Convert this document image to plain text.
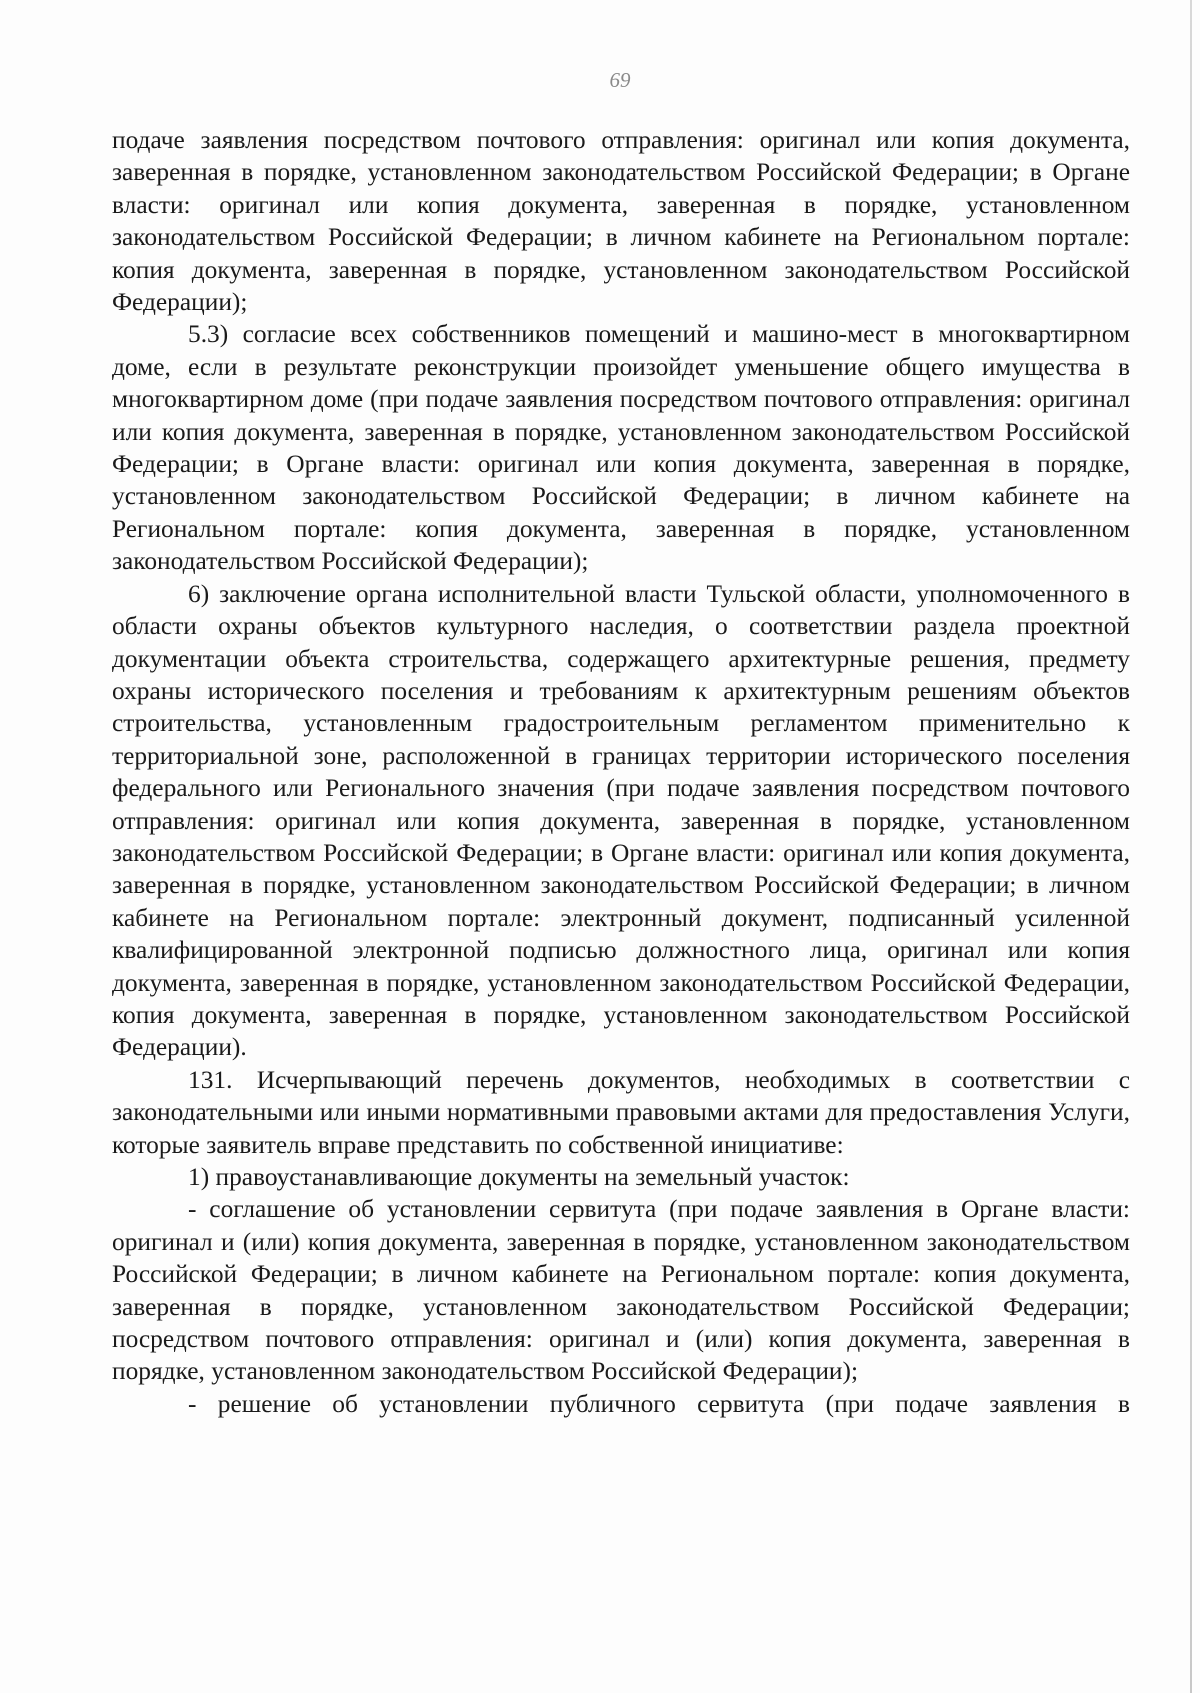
69

подаче заявления посредством почтового отправления: оригинал или копия документа, заверенная в порядке, установленном законодательством Российской Федерации; в Органе власти: оригинал или копия документа, заверенная в порядке, установленном законодательством Российской Федерации; в личном кабинете на Региональном портале: копия документа, заверенная в порядке, установленном законодательством Российской Федерации);

5.3) согласие всех собственников помещений и машино-мест в многоквартирном доме, если в результате реконструкции произойдет уменьшение общего имущества в многоквартирном доме (при подаче заявления посредством почтового отправления: оригинал или копия документа, заверенная в порядке, установленном законодательством Российской Федерации; в Органе власти: оригинал или копия документа, заверенная в порядке, установленном законодательством Российской Федерации; в личном кабинете на Региональном портале: копия документа, заверенная в порядке, установленном законодательством Российской Федерации);

6) заключение органа исполнительной власти Тульской области, уполномоченного в области охраны объектов культурного наследия, о соответствии раздела проектной документации объекта строительства, содержащего архитектурные решения, предмету охраны исторического поселения и требованиям к архитектурным решениям объектов строительства, установленным градостроительным регламентом применительно к территориальной зоне, расположенной в границах территории исторического поселения федерального или Регионального значения (при подаче заявления посредством почтового отправления: оригинал или копия документа, заверенная в порядке, установленном законодательством Российской Федерации; в Органе власти: оригинал или копия документа, заверенная в порядке, установленном законодательством Российской Федерации; в личном кабинете на Региональном портале: электронный документ, подписанный усиленной квалифицированной электронной подписью должностного лица, оригинал или копия документа, заверенная в порядке, установленном законодательством Российской Федерации, копия документа, заверенная в порядке, установленном законодательством Российской Федерации).

131. Исчерпывающий перечень документов, необходимых в соответствии с законодательными или иными нормативными правовыми актами для предоставления Услуги, которые заявитель вправе представить по собственной инициативе:

1) правоустанавливающие документы на земельный участок:

- соглашение об установлении сервитута (при подаче заявления в Органе власти: оригинал и (или) копия документа, заверенная в порядке, установленном законодательством Российской Федерации; в личном кабинете на Региональном портале: копия документа, заверенная в порядке, установленном законодательством Российской Федерации; посредством почтового отправления: оригинал и (или) копия документа, заверенная в порядке, установленном законодательством Российской Федерации);

- решение об установлении публичного сервитута (при подаче заявления в
